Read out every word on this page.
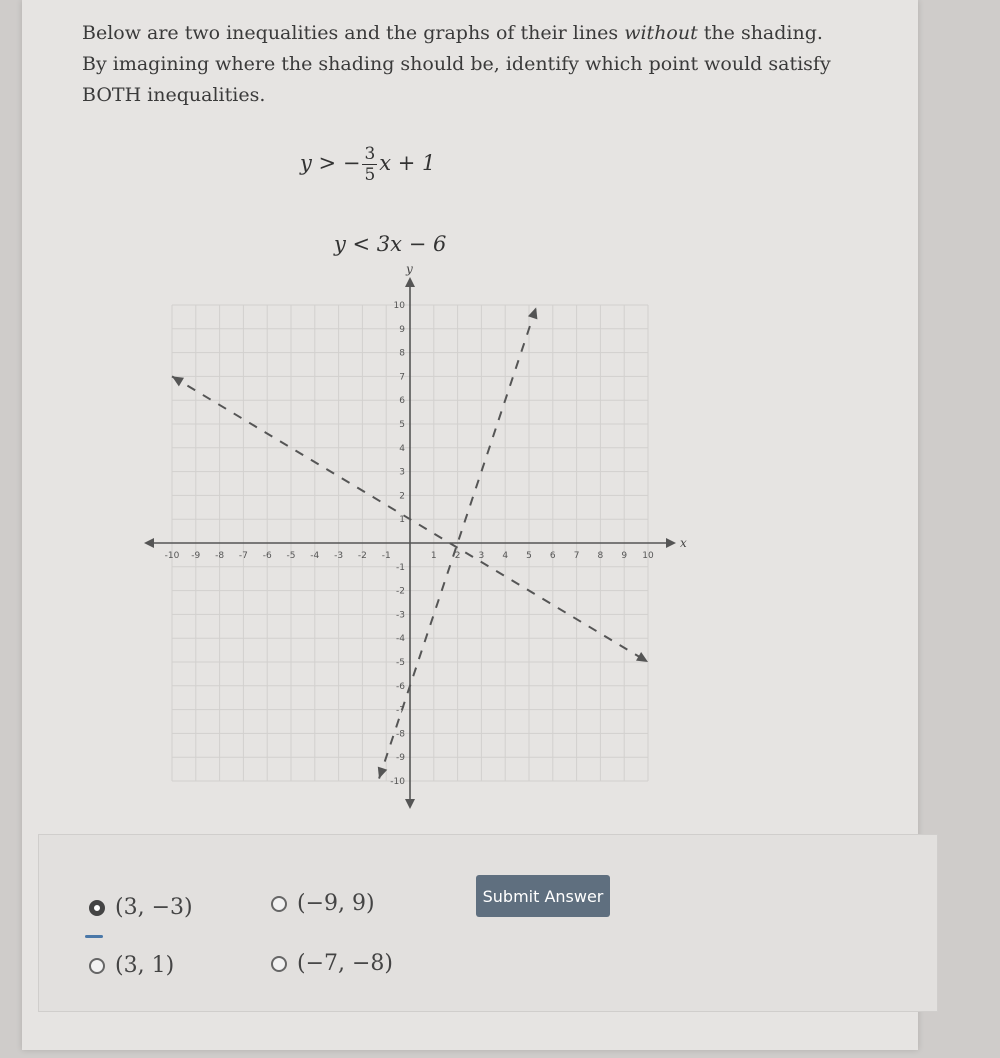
Below are two inequalities and the graphs of their lines without the shading.
By imagining where the shading should be, identify which point would satisfy
BOTH inequalities.
y > − $\frac{3}{5}$ x + 1
y < 3x − 6
x
y
-10 -9 -8 -7 -6 -5 -4 -3 -2 -1	1 2 3 4 5 6 7 8 9 10
-10
-9
-8
-7
-6
-5
-4
-3
-2
-1
1
2
3
4
5
6
7
8
9
10
(3, −3)	(−9, 9)
(3, 1)	(−7, −8)
Submit Answer
